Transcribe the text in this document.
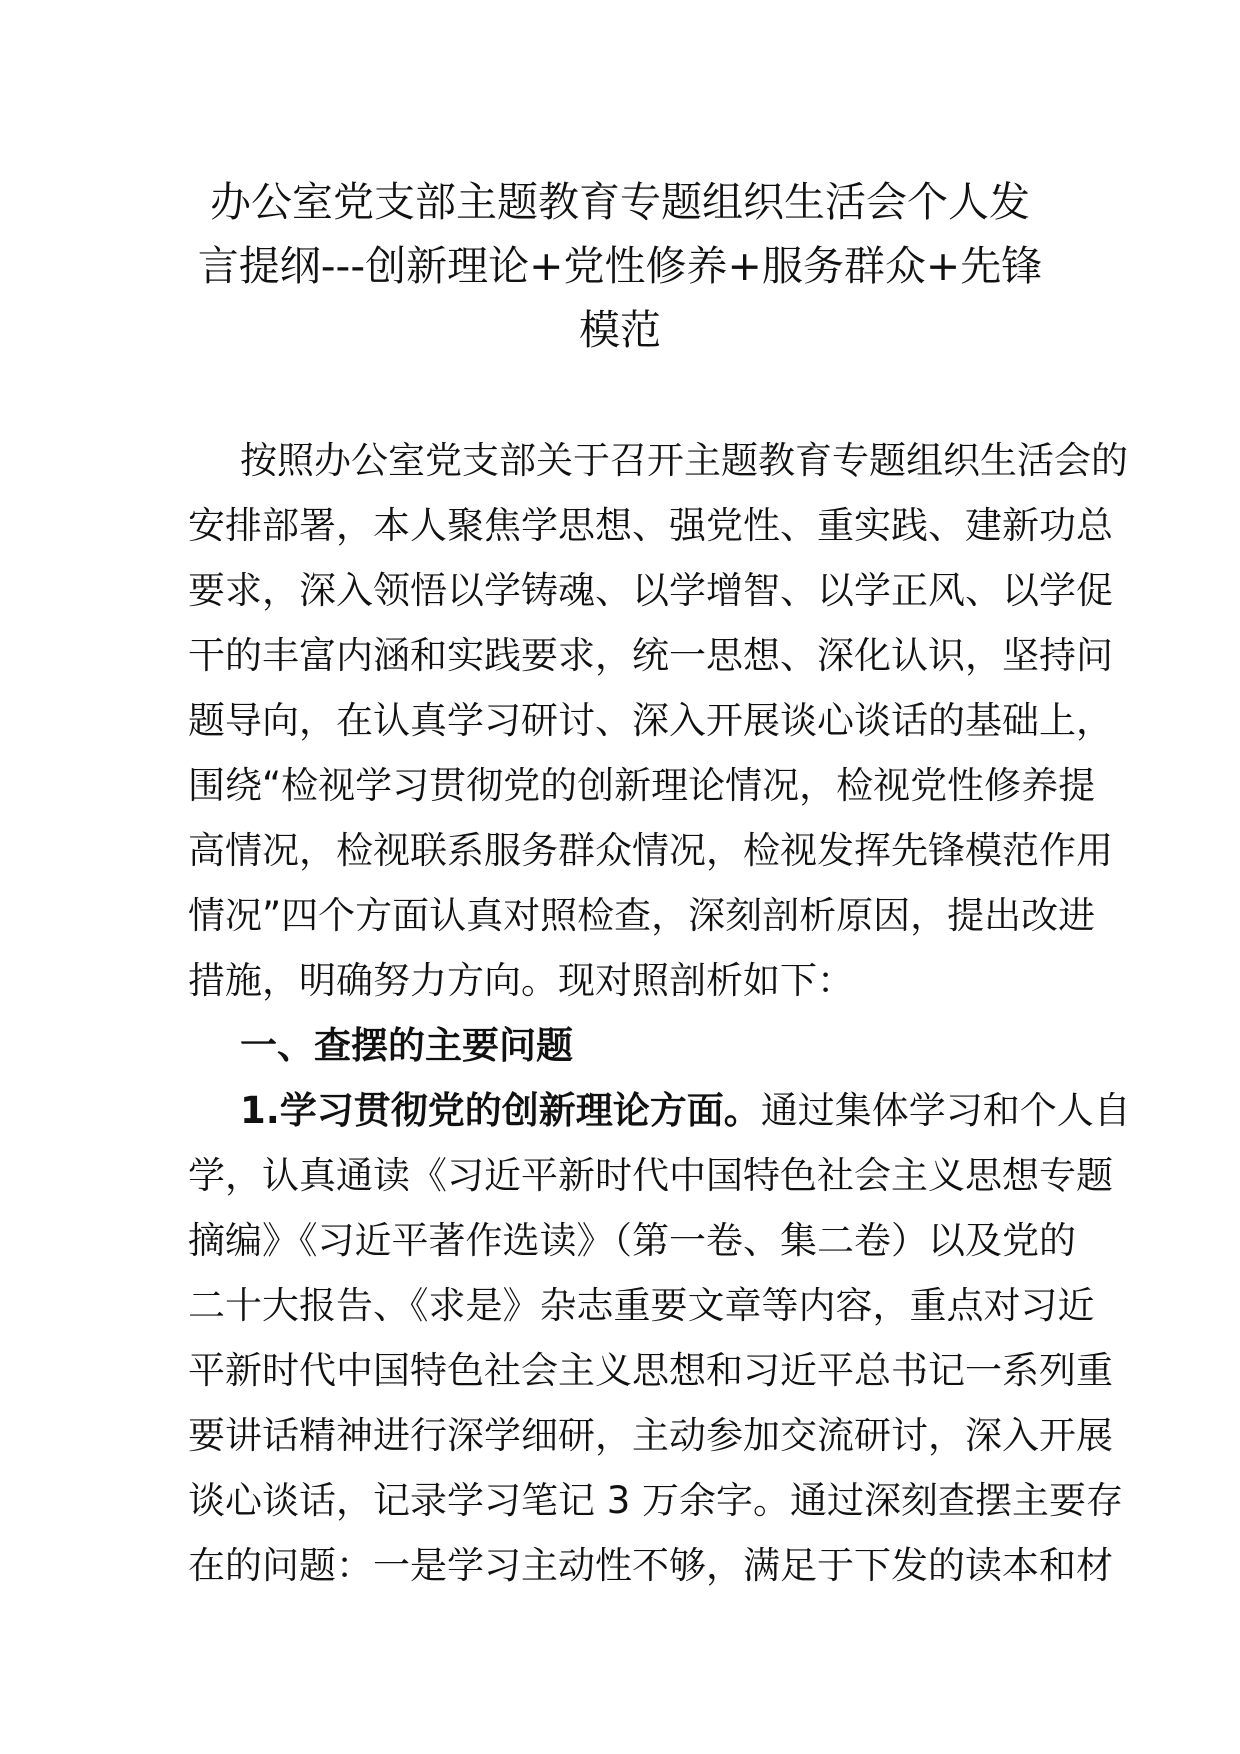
办公室党支部主题教育专题组织生活会个人发
言提纲---创新理论+党性修养+服务群众+先锋
模范
按照办公室党支部关于召开主题教育专题组织生活会的
安排部署，本人聚焦学思想、强党性、重实践、建新功总
要求，深入领悟以学铸魂、以学增智、以学正风、以学促
干的丰富内涵和实践要求，统一思想、深化认识，坚持问
题导向，在认真学习研讨、深入开展谈心谈话的基础上，
围绕“检视学习贯彻党的创新理论情况，检视党性修养提
高情况，检视联系服务群众情况，检视发挥先锋模范作用
情况”四个方面认真对照检查，深刻剖析原因，提出改进
措施，明确努力方向。现对照剖析如下：
一、查摆的主要问题
1.学习贯彻党的创新理论方面。通过集体学习和个人自
学，认真通读《习近平新时代中国特色社会主义思想专题
摘编》《习近平著作选读》（第一卷、集二卷）以及党的
二十大报告、《求是》杂志重要文章等内容，重点对习近
平新时代中国特色社会主义思想和习近平总书记一系列重
要讲话精神进行深学细研，主动参加交流研讨，深入开展
谈心谈话，记录学习笔记 3 万余字。通过深刻查摆主要存
在的问题：一是学习主动性不够，满足于下发的读本和材
